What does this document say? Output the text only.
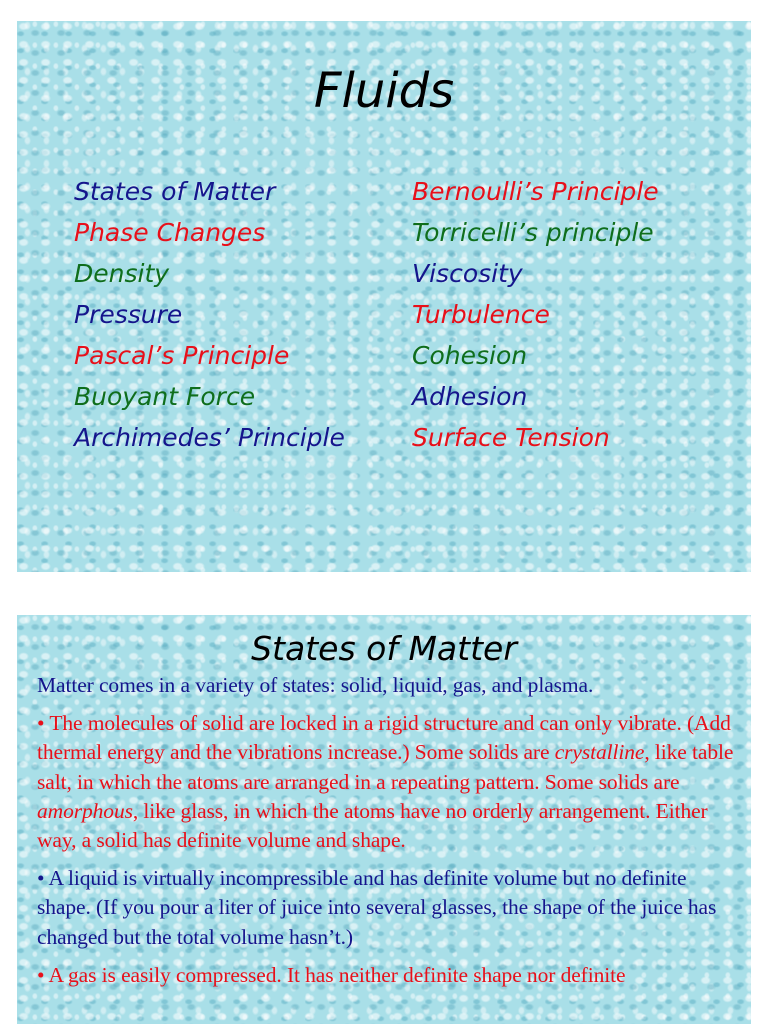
Fluids
States of Matter
Phase Changes
Density
Pressure
Pascal’s Principle
Buoyant Force
Archimedes’ Principle
Bernoulli’s Principle
Torricelli’s principle
Viscosity
Turbulence
Cohesion
Adhesion
Surface Tension
States of Matter

Matter comes in a variety of states: solid, liquid, gas, and plasma.

• The molecules of solid are locked in a rigid structure and can only vibrate. (Add thermal energy and the vibrations increase.) Some solids are crystalline, like table salt, in which the atoms are arranged in a repeating pattern. Some solids are amorphous, like glass, in which the atoms have no orderly arrangement. Either way, a solid has definite volume and shape.

• A liquid is virtually incompressible and has definite volume but no definite shape. (If you pour a liter of juice into several glasses, the shape of the juice has changed but the total volume hasn’t.)

• A gas is easily compressed. It has neither definite shape nor definite
